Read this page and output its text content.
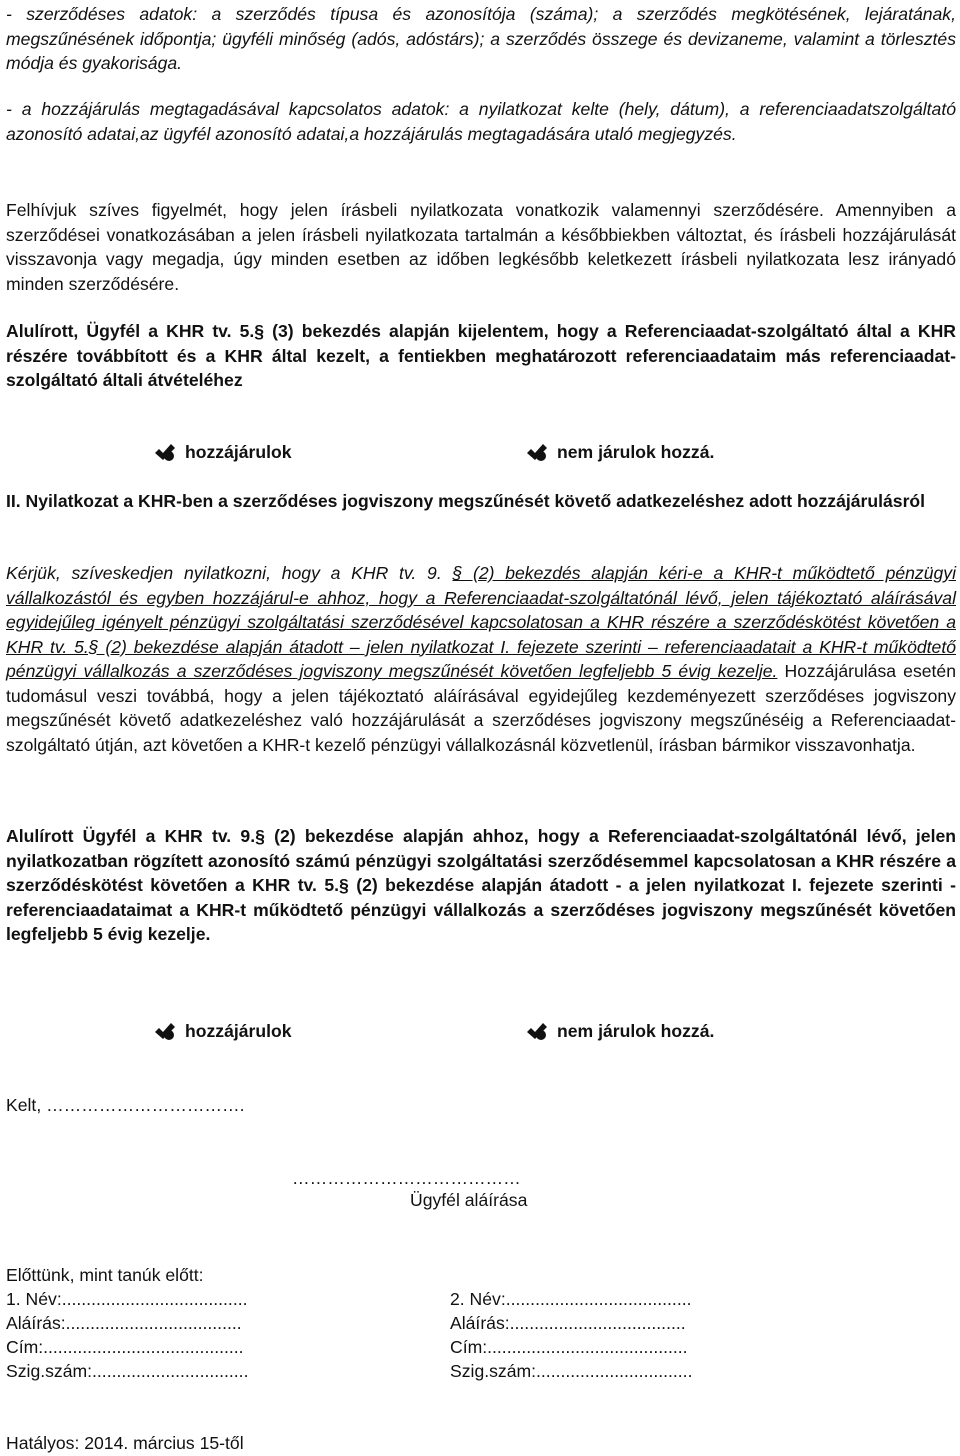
- szerződéses adatok: a szerződés típusa és azonosítója (száma); a szerződés megkötésének, lejáratának, megszűnésének időpontja; ügyféli minőség (adós, adóstárs); a szerződés összege és devizaneme, valamint a törlesztés módja és gyakorisága.

- a hozzájárulás megtagadásával kapcsolatos adatok: a nyilatkozat kelte (hely, dátum), a referenciaadatszolgáltató azonosító adatai,az ügyfél azonosító adatai,a hozzájárulás megtagadására utaló megjegyzés.

Felhívjuk szíves figyelmét, hogy jelen írásbeli nyilatkozata vonatkozik valamennyi szerződésére. Amennyiben a szerződései vonatkozásában a jelen írásbeli nyilatkozata tartalmán a későbbiekben változtat, és írásbeli hozzájárulását visszavonja vagy megadja, úgy minden esetben az időben legkésőbb keletkezett írásbeli nyilatkozata lesz irányadó minden szerződésére.

Alulírott, Ügyfél a KHR tv. 5.§ (3) bekezdés alapján kijelentem, hogy a Referenciaadat-szolgáltató által a KHR részére továbbított és a KHR által kezelt, a fentiekben meghatározott referenciaadataim más referenciaadat-szolgáltató általi átvételéhez

hozzájárulok	nem járulok hozzá.

II. Nyilatkozat a KHR-ben a szerződéses jogviszony megszűnését követő adatkezeléshez adott hozzájárulásról

Kérjük, szíveskedjen nyilatkozni, hogy a KHR tv. 9. § (2) bekezdés alapján kéri-e a KHR-t működtető pénzügyi vállalkozástól és egyben hozzájárul-e ahhoz, hogy a Referenciaadat-szolgáltatónál lévő, jelen tájékoztató aláírásával egyidejűleg igényelt pénzügyi szolgáltatási szerződésével kapcsolatosan a KHR részére a szerződéskötést követően a KHR tv. 5.§ (2) bekezdése alapján átadott – jelen nyilatkozat I. fejezete szerinti – referenciaadatait a KHR-t működtető pénzügyi vállalkozás a szerződéses jogviszony megszűnését követően legfeljebb 5 évig kezelje. Hozzájárulása esetén tudomásul veszi továbbá, hogy a jelen tájékoztató aláírásával egyidejűleg kezdeményezett szerződéses jogviszony megszűnését követő adatkezeléshez való hozzájárulását a szerződéses jogviszony megszűnéséig a Referenciaadat-szolgáltató útján, azt követően a KHR-t kezelő pénzügyi vállalkozásnál közvetlenül, írásban bármikor visszavonhatja.

Alulírott Ügyfél a KHR tv. 9.§ (2) bekezdése alapján ahhoz, hogy a Referenciaadat-szolgáltatónál lévő, jelen nyilatkozatban rögzített azonosító számú pénzügyi szolgáltatási szerződésemmel kapcsolatosan a KHR részére a szerződéskötést követően a KHR tv. 5.§ (2) bekezdése alapján átadott - a jelen nyilatkozat I. fejezete szerinti - referenciaadataimat a KHR-t működtető pénzügyi vállalkozás a szerződéses jogviszony megszűnését követően legfeljebb 5 évig kezelje.

hozzájárulok	nem járulok hozzá.
Kelt, …………………………….
…………………………………
Ügyfél aláírása
Előttünk, mint tanúk előtt:
1. Név:......................................
Aláírás:....................................
Cím:.........................................
Szig.szám:................................
2. Név:......................................
Aláírás:....................................
Cím:.........................................
Szig.szám:................................
Hatályos: 2014. március 15-től
